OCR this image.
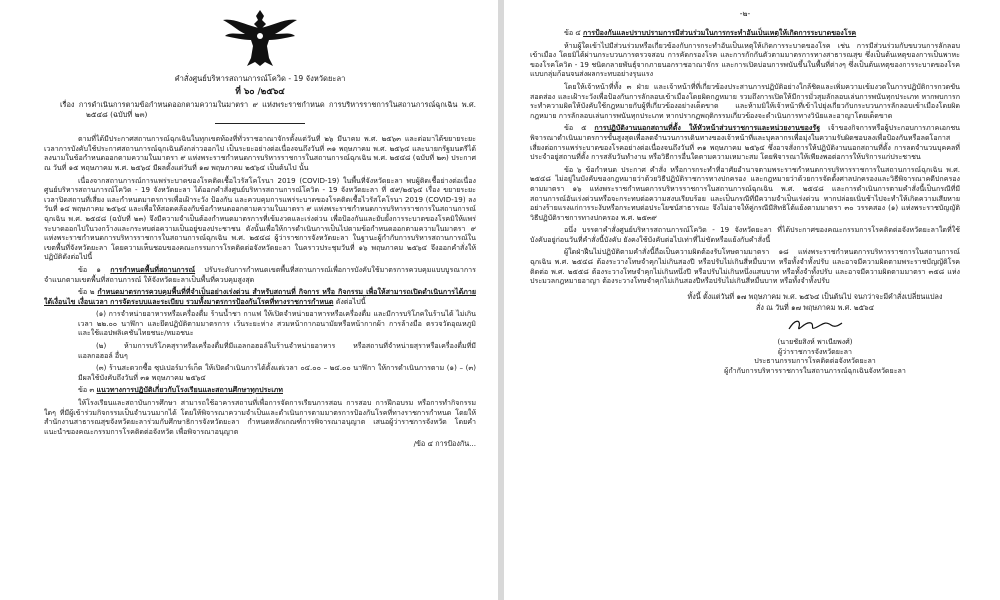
คำสั่งศูนย์บริหารสถานการณ์โควิด - 19 จังหวัดยะลา
ที่ ๖๐ /๒๕๖๔

เรื่อง การดำเนินการตามข้อกำหนดออกตามความในมาตรา ๙ แห่งพระราชกำหนด การบริหารราชการในสถานการณ์ฉุกเฉิน พ.ศ. ๒๕๔๘ (ฉบับที่ ๒๓)

ตามที่ได้มีประกาศสถานการณ์ฉุกเฉินในทุกเขตท้องที่ทั่วราชอาณาจักรตั้งแต่วันที่ ๒๖ มีนาคม พ.ศ. ๒๕๖๓ และต่อมาได้ขยายระยะเวลาการบังคับใช้ประกาศสถานการณ์ฉุกเฉินดังกล่าวออกไป เป็นระยะอย่างต่อเนื่องจนถึงวันที่ ๓๑ พฤษภาคม พ.ศ. ๒๕๖๔ และนายกรัฐมนตรีได้ลงนามในข้อกำหนดออกตามความในมาตรา ๙ แห่งพระราชกำหนดการบริหารราชการในสถานการณ์ฉุกเฉิน พ.ศ. ๒๕๔๘ (ฉบับที่ ๒๓) ประกาศ ณ วันที่ ๑๕ พฤษภาคม พ.ศ. ๒๕๖๔ มีผลตั้งแต่วันที่ ๑๗ พฤษภาคม ๒๕๖๔ เป็นต้นไป นั้น

เนื่องจากสถานการณ์การแพร่ระบาดของโรคติดเชื้อไวรัสโคโรนา 2019 (COVID-19) ในพื้นที่จังหวัดยะลา พบผู้ติดเชื้อย่างต่อเนื่อง ศูนย์บริหารสถานการณ์โควิด - 19 จังหวัดยะลา ได้ออกคำสั่งศูนย์บริหารสถานการณ์โควิด - 19 จังหวัดยะลา ที่ ๕๙/๒๕๖๔ เรื่อง ขยายระยะเวลาปิดสถานที่เสี่ยง และกำหนดมาตรการเพื่อเฝ้าระวัง ป้องกัน และควบคุมการแพร่ระบาดของโรคติดเชื้อไวรัสโคโรนา 2019 (COVID-19) ลงวันที่ ๑๔ พฤษภาคม ๒๕๖๔ และเพื่อให้สอดคล้องกับข้อกำหนดออกตามความในมาตรา ๙ แห่งพระราชกำหนดการบริหารราชการในสถานการณ์ฉุกเฉิน พ.ศ. ๒๕๔๘ (ฉบับที่ ๒๓) จึงมีความจำเป็นต้องกำหนดมาตรการที่เข้มงวดและเร่งด่วน เพื่อป้องกันและยับยั้งการระบาดของโรคมิให้แพร่ระบาดออกไปในวงกว้างและกระทบต่อความเป็นอยู่ของประชาชน ดังนั้นเพื่อให้การดำเนินการเป็นไปตามข้อกำหนดออกตามความในมาตรา ๙ แห่งพระราชกำหนดการบริหารราชการในสถานการณ์ฉุกเฉิน พ.ศ. ๒๕๔๘ ผู้ว่าราชการจังหวัดยะลา ในฐานะผู้กำกับการบริหารสถานการณ์ในเขตพื้นที่จังหวัดยะลา โดยความเห็นชอบของคณะกรรมการโรคติดต่อจังหวัดยะลา ในคราวประชุมวันที่ ๑๖ พฤษภาคม ๒๕๖๔ จึงออกคำสั่งให้ปฏิบัติดังต่อไปนี้

ข้อ ๑ การกำหนดพื้นที่สถานการณ์ ปรับระดับการกำหนดเขตพื้นที่สถานการณ์เพื่อการบังคับใช้มาตรการควบคุมแบบบูรณาการจำแนกตามเขตพื้นที่สถานการณ์ ให้จังหวัดยะลาเป็นพื้นที่ควบคุมสูงสุด

ข้อ ๒ กำหนดมาตรการควบคุมพื้นที่ที่จำเป็นอย่างเร่งด่วน สำหรับสถานที่ กิจการ หรือ กิจกรรม เพื่อให้สามารถเปิดดำเนินการได้ภายใต้เงื่อนไข เงื่อนเวลา การจัดระบบและระเบียบ รวมทั้งมาตรการป้องกันโรคที่ทางราชการกำหนด ดังต่อไปนี้

(๑) การจำหน่ายอาหารหรือเครื่องดื่ม ร้านน้ำชา กาแฟ ให้เปิดจำหน่ายอาหารหรือเครื่องดื่ม และมีการบริโภคในร้านได้ ไม่เกินเวลา ๒๒.๐๐ นาฬิกา และยึดปฏิบัติตามมาตรการ เว้นระยะห่าง สวมหน้ากากอนามัยหรือหน้ากากผ้า การล้างมือ ตรวจวัดอุณหภูมิ และใช้แอปพลิเคชันไทยชนะ/หมอชนะ

(๒) ห้ามการบริโภคสุราหรือเครื่องดื่มที่มีแอลกอฮอล์ในร้านจำหน่ายอาหาร หรือสถานที่จำหน่ายสุราหรือเครื่องดื่มที่มีแอลกอฮอล์ อื่นๆ

(๓) ร้านสะดวกซื้อ ซุปเปอร์มาร์เก็ต ให้เปิดดำเนินการได้ตั้งแต่เวลา ๐๔.๐๐ – ๒๔.๐๐ นาฬิกา ให้การดำเนินการตาม (๑) – (๓) มีผลใช้บังคับถึงวันที่ ๓๑ พฤษภาคม ๒๕๖๔

ข้อ ๓ แนวทางการปฏิบัติเกี่ยวกับโรงเรียนและสถานศึกษาทุกประเภท

ให้โรงเรียนและสถาบันการศึกษา สามารถใช้อาคารสถานที่เพื่อการจัดการเรียนการสอน การสอบ การฝึกอบรม หรือการทำกิจกรรมใดๆ ที่มีผู้เข้าร่วมกิจกรรมเป็นจำนวนมากได้ โดยให้พิจารณาความจำเป็นและดำเนินการตามมาตรการป้องกันโรคที่ทางราชการกำหนด โดยให้สำนักงานสาธารณสุขจังหวัดยะลาร่วมกับศึกษาธิการจังหวัดยะลา กำหนดหลักเกณฑ์การพิจารณาอนุญาต เสนอผู้ว่าราชการจังหวัด โดยคำแนะนำของคณะกรรมการโรคติดต่อจังหวัด เพื่อพิจารณาอนุญาต

/ข้อ ๔ การป้องกัน...
-๒-

ข้อ ๔ การป้องกันและปราบปรามการมีส่วนร่วมในการกระทำอันเป็นเหตุให้เกิดการระบาดของโรค

ห้ามผู้ใดเข้าไปมีส่วนร่วมหรือเกี่ยวข้องกับการกระทำอันเป็นเหตุให้เกิดการระบาดของโรค เช่น การมีส่วนร่วมกับขบวนการลักลอบเข้าเมือง โดยมิได้ผ่านกระบวนการตรวจสอบ การคัดกรองโรค และการกักกันตัวตามมาตรการทางสาธารณสุข ซึ่งเป็นต้นเหตุของการเป็นพาหะของโรคโควิด - 19 ชนิดกลายพันธุ์จากภายนอกราชอาณาจักร และการเปิดบ่อนการพนันขึ้นในพื้นที่ต่างๆ ซึ่งเป็นต้นเหตุของการระบาดของโรคแบบกลุ่มก้อนจนส่งผลกระทบอย่างรุนแรง

โดยให้เจ้าหน้าที่ทั้ง ๓ ฝ่าย และเจ้าหน้าที่ที่เกี่ยวข้องประสานการปฏิบัติอย่างใกล้ชิดและเพิ่มความเข้มงวดในการปฏิบัติการกวดขัน สอดส่อง และเฝ้าระวังเพื่อป้องกันการลักลอบเข้าเมืองโดยผิดกฎหมาย รวมถึงการเปิดให้มีการมั่วสุมลักลอบเล่นการพนันทุกประเภท หากพบการกระทำความผิดให้บังคับใช้กฎหมายกับผู้ที่เกี่ยวข้องอย่างเด็ดขาด และห้ามมิให้เจ้าหน้าที่เข้าไปยุ่งเกี่ยวกับกระบวนการลักลอบเข้าเมืองโดยผิดกฎหมาย การลักลอบเล่นการพนันทุกประเภท หากปรากฏพฤติกรรมเกี่ยวข้องจะดำเนินการทางวินัยและอาญาโดยเด็ดขาด

ข้อ ๕ การปฏิบัติงานนอกสถานที่ตั้ง ให้หัวหน้าส่วนราชการและหน่วยงานของรัฐ เจ้าของกิจการหรือผู้ประกอบการภาคเอกชน พิจารณาดำเนินมาตรการขั้นสูงสุดเพื่อลดจำนวนการเดินทางของเจ้าหน้าที่และบุคลากรเพื่อมุ่งในความรับผิดชอบลงเพื่อป้องกันหรือลดโอกาสเสี่ยงต่อการแพร่ระบาดของโรคอย่างต่อเนื่องจนถึงวันที่ ๓๑ พฤษภาคม ๒๕๖๔ ซึ่งอาจสั่งการให้ปฏิบัติงานนอกสถานที่ตั้ง การลดจำนวนบุคคลที่ประจำอยู่สถานที่ตั้ง การสลับวันทำงาน หรือวิธีการอื่นใดตามความเหมาะสม โดยพิจารณาให้เพียงพอต่อการให้บริการแก่ประชาชน

ข้อ ๖ ข้อกำหนด ประกาศ คำสั่ง หรือการกระทำที่อาศัยอำนาจตามพระราชกำหนดการบริหารราชการในสถานการณ์ฉุกเฉิน พ.ศ. ๒๕๔๘ ไม่อยู่ในบังคับของกฎหมายว่าด้วยวิธีปฏิบัติราชการทางปกครอง และกฎหมายว่าด้วยการจัดตั้งศาลปกครองและวิธีพิจารณาคดีปกครอง ตามมาตรา ๑๖ แห่งพระราชกำหนดการบริหารราชการในสถานการณ์ฉุกเฉิน พ.ศ. ๒๕๔๘ และการดำเนินการตามคำสั่งนี้เป็นกรณีที่มีสถานการณ์อันเร่งด่วนหรือจะกระทบต่อความสงบเรียบร้อย และเป็นกรณีที่มีความจำเป็นเร่งด่วน หากปล่อยเนิ่นช้าไปจะทำให้เกิดความเสียหายอย่างร้ายแรงแก่การระงับหรือกระทบต่อประโยชน์สาธารณะ จึงไม่อาจให้คู่กรณีมีสิทธิโต้แย้งตามมาตรา ๓๐ วรรคสอง (๑) แห่งพระราชบัญญัติวิธีปฏิบัติราชการทางปกครอง พ.ศ. ๒๕๓๙

อนึ่ง บรรดาคำสั่งศูนย์บริหารสถานการณ์โควิด - 19 จังหวัดยะลา ที่ได้ประกาศของคณะกรรมการโรคติดต่อจังหวัดยะลาใดที่ใช้บังคับอยู่ก่อนวันที่คำสั่งนี้บังคับ ยังคงใช้บังคับต่อไปเท่าที่ไม่ขัดหรือแย้งกับคำสั่งนี้

ผู้ใดฝ่าฝืนไม่ปฏิบัติตามคำสั่งนี้ถือเป็นความผิดต้องรับโทษตามมาตรา ๑๘ แห่งพระราชกำหนดการบริหารราชการในสถานการณ์ฉุกเฉิน พ.ศ. ๒๕๔๘ ต้องระวางโทษจำคุกไม่เกินสองปี หรือปรับไม่เกินสี่หมื่นบาท หรือทั้งจำทั้งปรับ และอาจมีความผิดตามพระราชบัญญัติโรคติดต่อ พ.ศ. ๒๕๕๘ ต้องระวางโทษจำคุกไม่เกินหนึ่งปี หรือปรับไม่เกินหนึ่งแสนบาท หรือทั้งจำทั้งปรับ และอาจมีความผิดตามมาตรา ๓๕๘ แห่งประมวลกฎหมายอาญา ต้องระวางโทษจำคุกไม่เกินสองปีหรือปรับไม่เกินสี่หมื่นบาท หรือทั้งจำทั้งปรับ

ทั้งนี้ ตั้งแต่วันที่ ๑๗ พฤษภาคม พ.ศ. ๒๕๖๔ เป็นต้นไป จนกว่าจะมีคำสั่งเปลี่ยนแปลง

สั่ง ณ วันที่ ๑๗ พฤษภาคม พ.ศ. ๒๕๖๔

(นายชัยสิงห์ พาเนียพงศ์)

ผู้ว่าราชการจังหวัดยะลา

ประธานกรรมการโรคติดต่อจังหวัดยะลา

ผู้กำกับการบริหารราชการในสถานการณ์ฉุกเฉินจังหวัดยะลา
